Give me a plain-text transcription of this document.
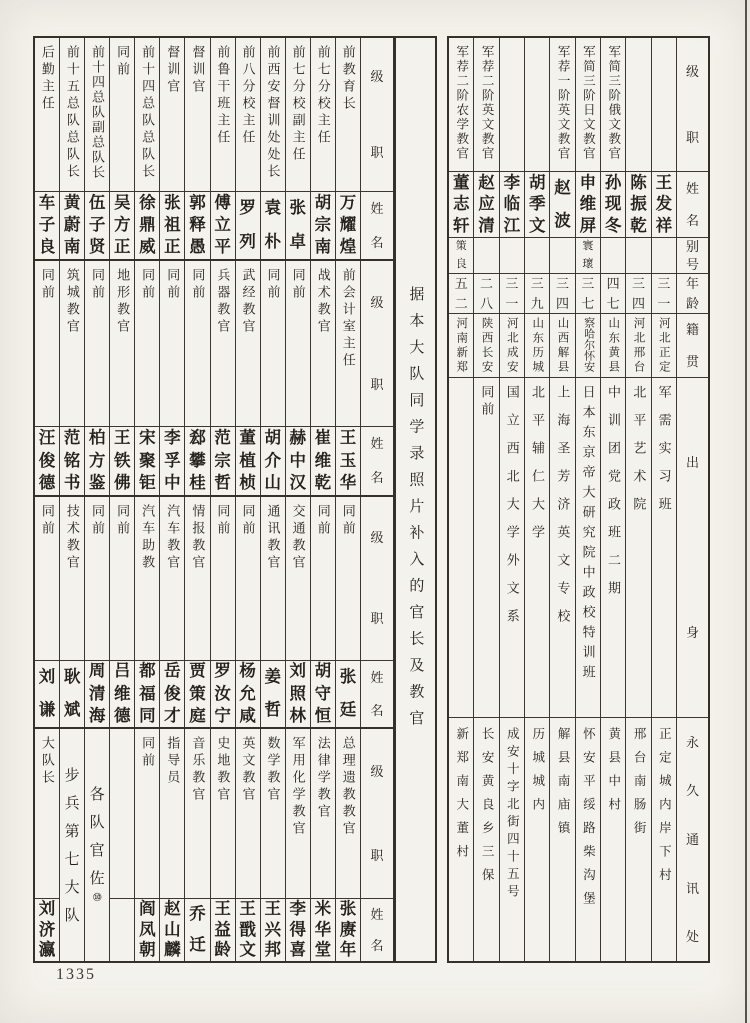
级
职
姓
名
前教育长
万
耀
煌
前七分校主任
胡
宗
南
前七分校副主任
张
卓
前西安督训处处长
袁
朴
前八分校主任
罗
列
前鲁干班主任
傅
立
平
督训官
郭
释
愚
督训官
张
祖
正
前十四总队总队长
徐
鼎
威
同前
吴
方
正
前十四总队副总队长
伍
子
贤
前十五总队总队长
黄
蔚
南
后勤主任
车
子
良
级
职
姓
名
前会计室主任
王
玉
华
战术教官
崔
维
乾
同前
赫
中
汉
同前
胡
介
山
武经教官
董
植
桢
兵器教官
范
宗
哲
同前
郄
攀
桂
同前
李
孚
中
同前
宋
聚
钜
地形教官
王
铁
佛
同前
柏
方
鉴
筑城教官
范
铭
书
同前
汪
俊
德
级
职
姓
名
同前
张
廷
同前
胡
守
恒
交通教官
刘
照
林
通讯教官
姜
哲
同前
杨
允
咸
同前
罗
汝
宁
情报教官
贾
策
庭
汽车教官
岳
俊
才
汽车助教
都
福
同
同前
吕
维
德
同前
周
清
海
技术教官
耿
斌
同前
刘
谦
级
职
姓
名
总理遗教教官
张
赓
年
法律学教官
米
华
堂
军用化学教官
李
得
喜
数学教官
王
兴
邦
英文教官
王
戬
文
史地教官
王
益
龄
音乐教官
乔
迁
指导员
赵
山
麟
同前
阎
凤
朝
各
队
官
佐
⑩
步
兵
第
七
大
队
大队长
刘
济
瀛
据本大队同学录照片补入的官长及教官
级
职
姓
名
别
号
年
龄
籍
贯
出
身
永
久
通
讯
处
王
发
祥
三
一
河北正定
军需实习班
正定城内岸下村
陈
振
乾
三
四
河北邢台
北平艺术院
邢台南肠街
军简三阶俄文教官
孙
现
冬
四
七
山东黄县
中训团党政班二期
黄县中村
军简三阶日文教官
申
维
屏
寰
瓌
三
七
察哈尔怀安
日本东京帝大研究院中政校特训班
怀安平绥路柴沟堡
军荐一阶英文教官
赵
波
三
四
山西解县
上海圣芳济英文专校
解县南庙镇
胡
季
文
三
九
山东历城
北平辅仁大学
历城城内
李
临
江
三
一
河北成安
国立西北大学外文系
成安十字北街四十五号
军荐二阶英文教官
赵
应
清
二
八
陕西长安
同前
长安黄良乡三保
军荐二阶农学教官
董
志
轩
策
良
五
二
河南新郑
新郑南大董村
1335
